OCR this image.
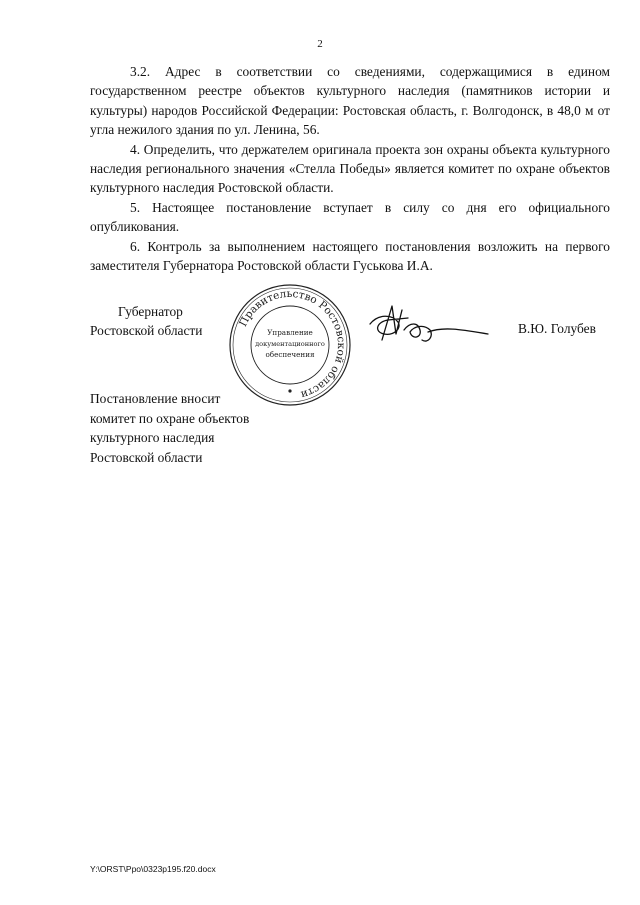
2

3.2. Адрес в соответствии со сведениями, содержащимися в едином государственном реестре объектов культурного наследия (памятников истории и культуры) народов Российской Федерации: Ростовская область, г. Волгодонск, в 48,0 м от угла нежилого здания по ул. Ленина, 56.

4. Определить, что держателем оригинала проекта зон охраны объекта культурного наследия регионального значения «Стелла Победы» является комитет по охране объектов культурного наследия Ростовской области.

5. Настоящее постановление вступает в силу со дня его официального опубликования.

6. Контроль за выполнением настоящего постановления возложить на первого заместителя Губернатора Ростовской области Гуськова И.А.

Губернатор
Ростовской области
Правительство Ростовской области
Управление
документационного
обеспечения
В.Ю. Голубев
Постановление вносит
комитет по охране объектов
культурного наследия
Ростовской области
Y:\ORST\Ppo\0323p195.f20.docx
